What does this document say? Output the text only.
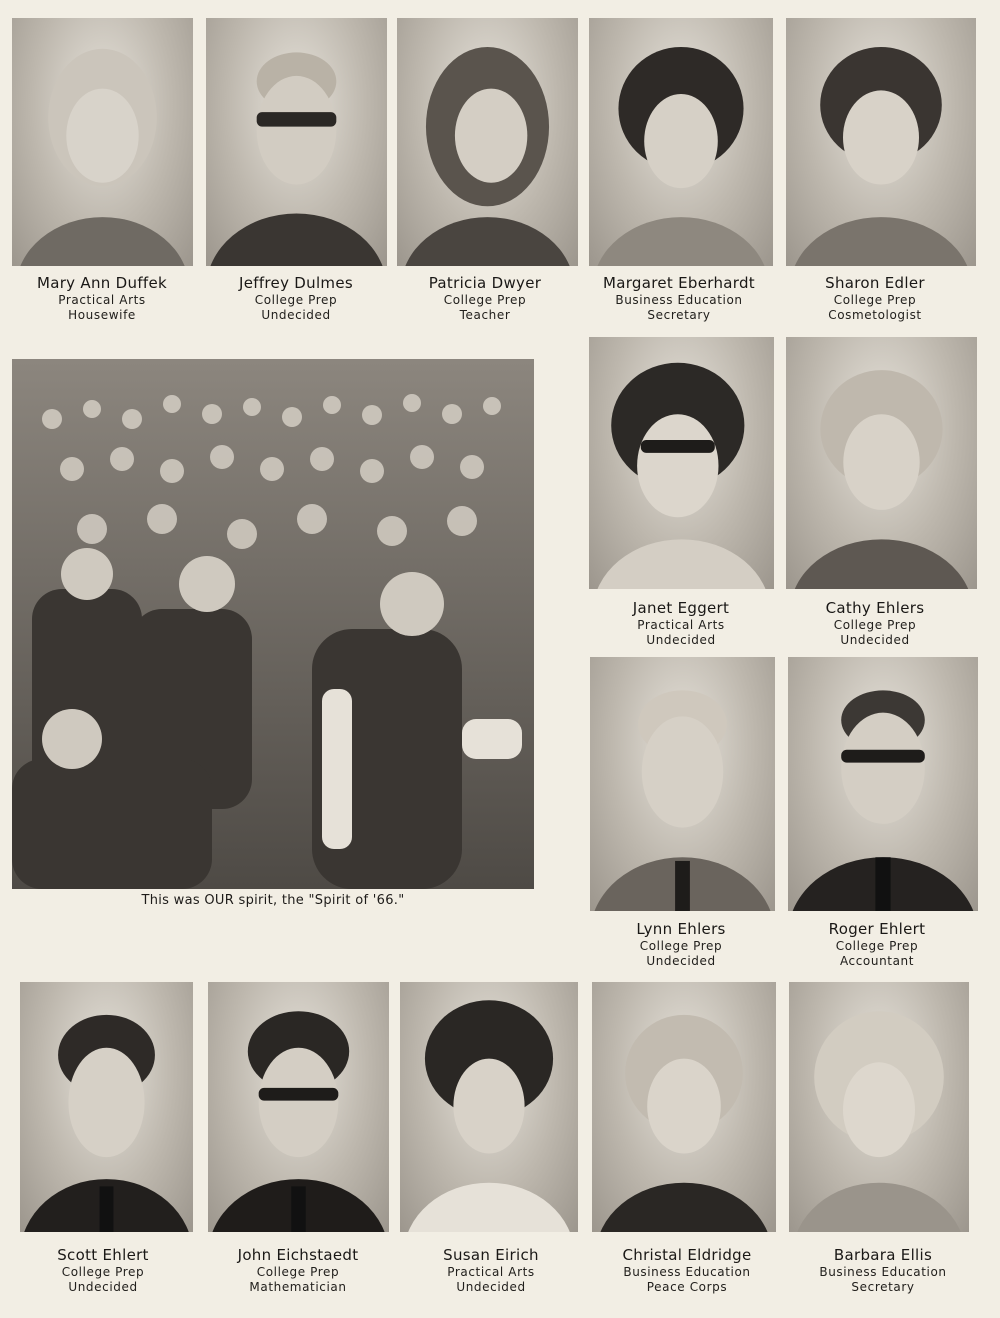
Mary Ann Duffek
Practical Arts
Housewife
Jeffrey Dulmes
College Prep
Undecided
Patricia Dwyer
College Prep
Teacher
Margaret Eberhardt
Business Education
Secretary
Sharon Edler
College Prep
Cosmetologist
This was OUR spirit, the "Spirit of '66."
Janet Eggert
Practical Arts
Undecided
Cathy Ehlers
College Prep
Undecided
Lynn Ehlers
College Prep
Undecided
Roger Ehlert
College Prep
Accountant
Scott Ehlert
College Prep
Undecided
John Eichstaedt
College Prep
Mathematician
Susan Eirich
Practical Arts
Undecided
Christal Eldridge
Business Education
Peace Corps
Barbara Ellis
Business Education
Secretary
